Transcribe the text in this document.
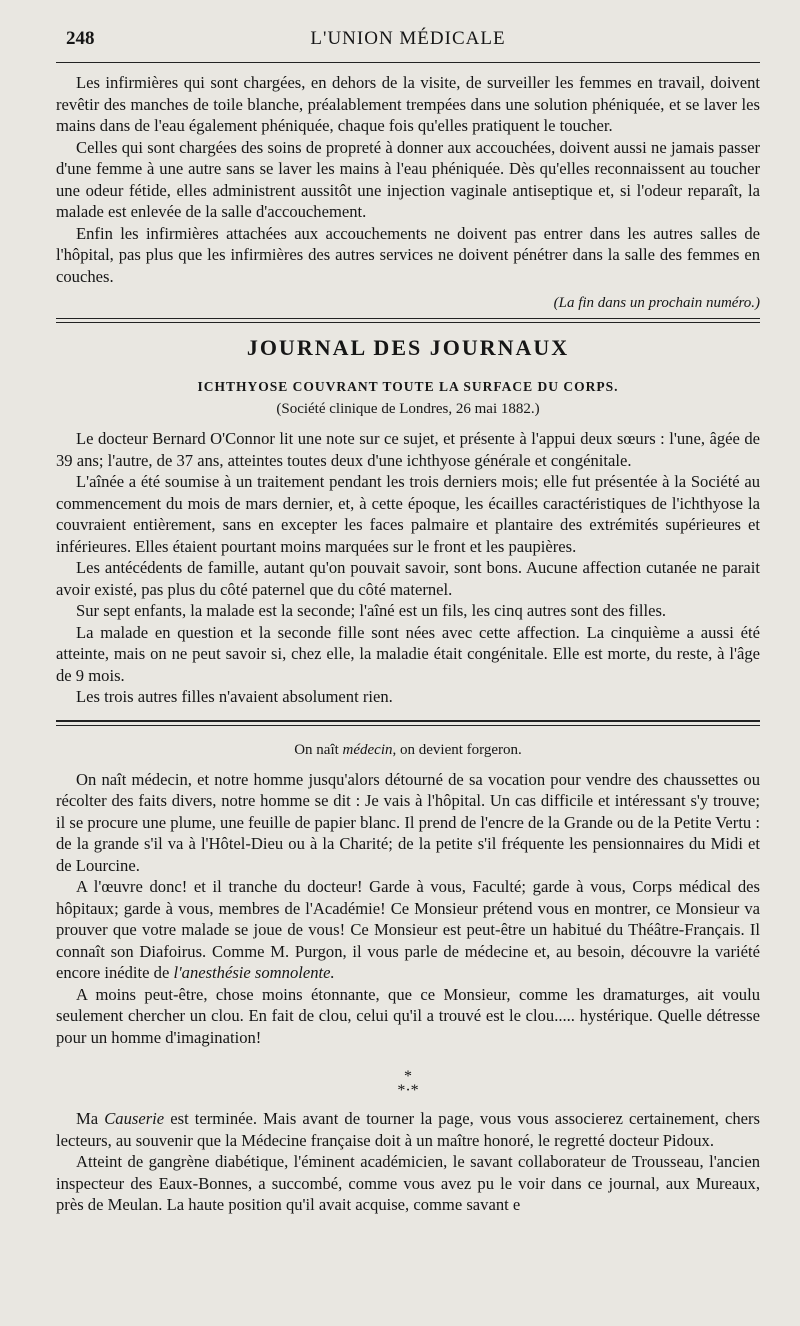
248	L'UNION MÉDICALE

Les infirmières qui sont chargées, en dehors de la visite, de surveiller les femmes en travail, doivent revêtir des manches de toile blanche, préalablement trempées dans une solution phéniquée, et se laver les mains dans de l'eau également phéniquée, chaque fois qu'elles pratiquent le toucher.

Celles qui sont chargées des soins de propreté à donner aux accouchées, doivent aussi ne jamais passer d'une femme à une autre sans se laver les mains à l'eau phéniquée. Dès qu'elles reconnaissent au toucher une odeur fétide, elles administrent aussitôt une injection vaginale antiseptique et, si l'odeur reparaît, la malade est enlevée de la salle d'accouchement.

Enfin les infirmières attachées aux accouchements ne doivent pas entrer dans les autres salles de l'hôpital, pas plus que les infirmières des autres services ne doivent pénétrer dans la salle des femmes en couches.

(La fin dans un prochain numéro.)
JOURNAL DES JOURNAUX
ICHTHYOSE COUVRANT TOUTE LA SURFACE DU CORPS.
(Société clinique de Londres, 26 mai 1882.)

Le docteur Bernard O'Connor lit une note sur ce sujet, et présente à l'appui deux sœurs : l'une, âgée de 39 ans; l'autre, de 37 ans, atteintes toutes deux d'une ichthyose générale et congénitale.

L'aînée a été soumise à un traitement pendant les trois derniers mois; elle fut présentée à la Société au commencement du mois de mars dernier, et, à cette époque, les écailles caractéristiques de l'ichthyose la couvraient entièrement, sans en excepter les faces palmaire et plantaire des extrémités supérieures et inférieures. Elles étaient pourtant moins marquées sur le front et les paupières.

Les antécédents de famille, autant qu'on pouvait savoir, sont bons. Aucune affection cutanée ne parait avoir existé, pas plus du côté paternel que du côté maternel.

Sur sept enfants, la malade est la seconde; l'aîné est un fils, les cinq autres sont des filles.

La malade en question et la seconde fille sont nées avec cette affection. La cinquième a aussi été atteinte, mais on ne peut savoir si, chez elle, la maladie était congénitale. Elle est morte, du reste, à l'âge de 9 mois.

Les trois autres filles n'avaient absolument rien.

On naît médecin, on devient forgeron.

On naît médecin, et notre homme jusqu'alors détourné de sa vocation pour vendre des chaussettes ou récolter des faits divers, notre homme se dit : Je vais à l'hôpital. Un cas difficile et intéressant s'y trouve; il se procure une plume, une feuille de papier blanc. Il prend de l'encre de la Grande ou de la Petite Vertu : de la grande s'il va à l'Hôtel-Dieu ou à la Charité; de la petite s'il fréquente les pensionnaires du Midi et de Lourcine.

A l'œuvre donc! et il tranche du docteur! Garde à vous, Faculté; garde à vous, Corps médical des hôpitaux; garde à vous, membres de l'Académie! Ce Monsieur prétend vous en montrer, ce Monsieur va prouver que votre malade se joue de vous! Ce Monsieur est peut-être un habitué du Théâtre-Français. Il connaît son Diafoirus. Comme M. Purgon, il vous parle de médecine et, au besoin, découvre la variété encore inédite de l'anesthésie somnolente.

A moins peut-être, chose moins étonnante, que ce Monsieur, comme les dramaturges, ait voulu seulement chercher un clou. En fait de clou, celui qu'il a trouvé est le clou..... hystérique. Quelle détresse pour un homme d'imagination!

*
*·*

Ma Causerie est terminée. Mais avant de tourner la page, vous vous associerez certainement, chers lecteurs, au souvenir que la Médecine française doit à un maître honoré, le regretté docteur Pidoux.

Atteint de gangrène diabétique, l'éminent académicien, le savant collaborateur de Trousseau, l'ancien inspecteur des Eaux-Bonnes, a succombé, comme vous avez pu le voir dans ce journal, aux Mureaux, près de Meulan. La haute position qu'il avait acquise, comme savant e
